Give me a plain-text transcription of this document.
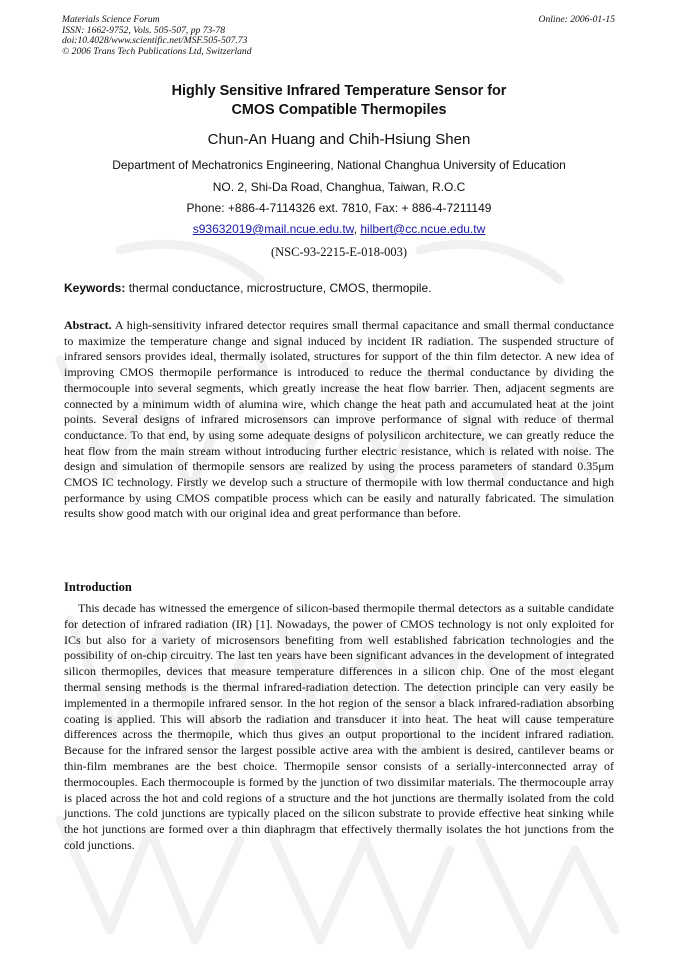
Materials Science Forum
ISSN: 1662-9752, Vols. 505-507, pp 73-78
doi:10.4028/www.scientific.net/MSF.505-507.73
© 2006 Trans Tech Publications Ltd, Switzerland
Online: 2006-01-15
Highly Sensitive Infrared Temperature Sensor for
CMOS Compatible Thermopiles
Chun-An Huang and Chih-Hsiung Shen
Department of Mechatronics Engineering, National Changhua University of Education
NO. 2, Shi-Da Road, Changhua, Taiwan, R.O.C
Phone: +886-4-7114326 ext. 7810, Fax: + 886-4-7211149
s93632019@mail.ncue.edu.tw, hilbert@cc.ncue.edu.tw
(NSC-93-2215-E-018-003)
Keywords: thermal conductance, microstructure, CMOS, thermopile.

Abstract. A high-sensitivity infrared detector requires small thermal capacitance and small thermal conductance to maximize the temperature change and signal induced by incident IR radiation. The suspended structure of infrared sensors provides ideal, thermally isolated, structures for support of the thin film detector. A new idea of improving CMOS thermopile performance is introduced to reduce the thermal conductance by dividing the thermocouple into several segments, which greatly increase the heat flow barrier. Then, adjacent segments are connected by a minimum width of alumina wire, which change the heat path and accumulated heat at the joint points. Several designs of infrared microsensors can improve performance of signal with reduce of thermal conductance. To that end, by using some adequate designs of polysilicon architecture, we can greatly reduce the heat flow from the main stream without introducing further electric resistance, which is related with noise. The design and simulation of thermopile sensors are realized by using the process parameters of standard 0.35μm CMOS IC technology. Firstly we develop such a structure of thermopile with low thermal conductance and high performance by using CMOS compatible process which can be easily and naturally fabricated. The simulation results show good match with our original idea and great performance than before.

Introduction

This decade has witnessed the emergence of silicon-based thermopile thermal detectors as a suitable candidate for detection of infrared radiation (IR) [1]. Nowadays, the power of CMOS technology is not only exploited for ICs but also for a variety of microsensors benefiting from well established fabrication technologies and the possibility of on-chip circuitry. The last ten years have been significant advances in the development of integrated silicon thermopiles, devices that measure temperature differences in a silicon chip. One of the most elegant thermal sensing methods is the thermal infrared-radiation detection. The detection principle can very easily be implemented in a thermopile infrared sensor. In the hot region of the sensor a black infrared-radiation absorbing coating is applied. This will absorb the radiation and transducer it into heat. The heat will cause temperature differences across the thermopile, which thus gives an output proportional to the incident infrared radiation. Because for the infrared sensor the largest possible active area with the ambient is desired, cantilever beams or thin-film membranes are the best choice. Thermopile sensor consists of a serially-interconnected array of thermocouples. Each thermocouple is formed by the junction of two dissimilar materials. The thermocouple array is placed across the hot and cold regions of a structure and the hot junctions are thermally isolated from the cold junctions. The cold junctions are typically placed on the silicon substrate to provide effective heat sinking while the hot junctions are formed over a thin diaphragm that effectively thermally isolates the hot junctions from the cold junctions.
